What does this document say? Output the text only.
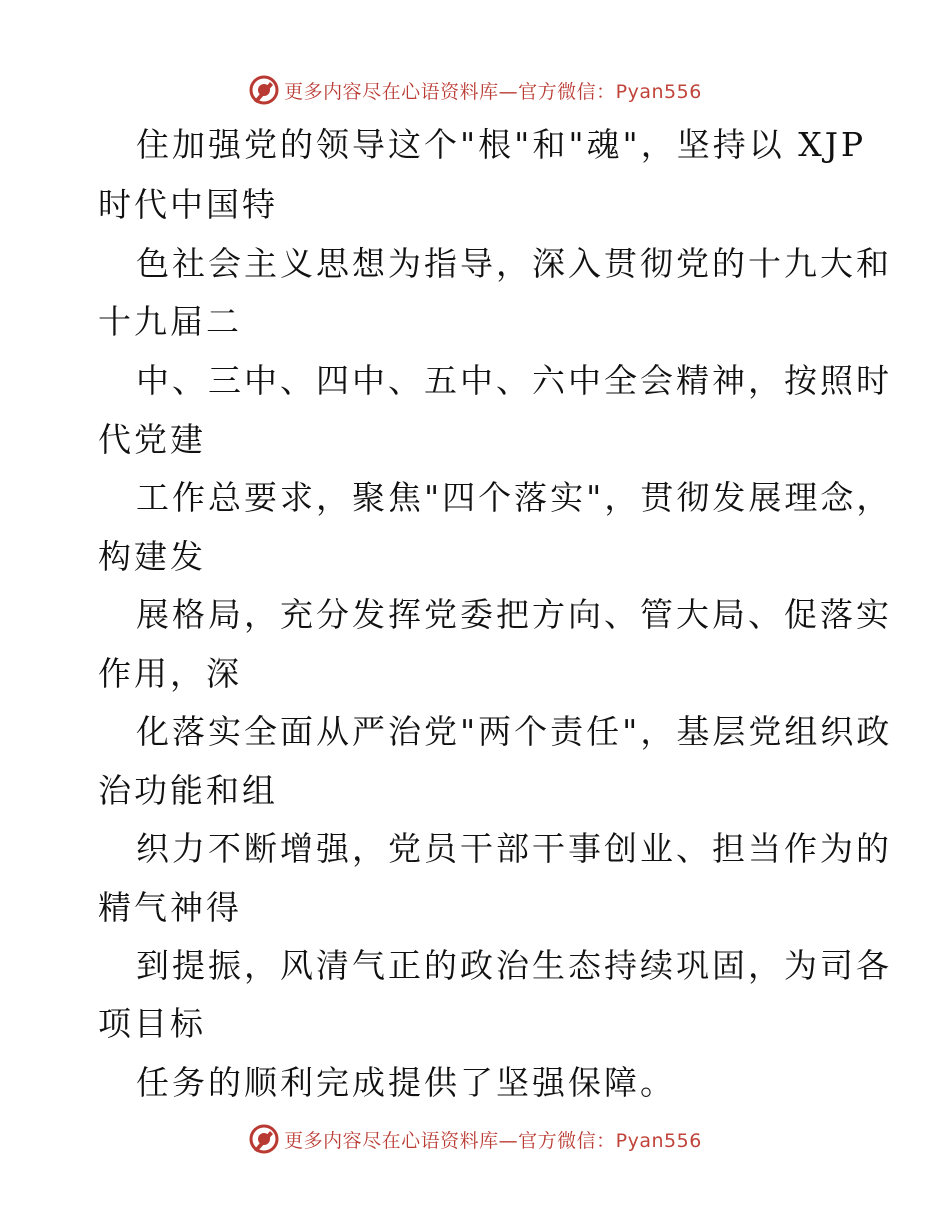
更多内容尽在心语资料库—官方微信：Pyan556
住加强党的领导这个"根"和"魂"，坚持以 XJP
时代中国特
色社会主义思想为指导，深入贯彻党的十九大和
十九届二
中、三中、四中、五中、六中全会精神，按照时
代党建
工作总要求，聚焦"四个落实"，贯彻发展理念，
构建发
展格局，充分发挥党委把方向、管大局、促落实
作用，深
化落实全面从严治党"两个责任"，基层党组织政
治功能和组
织力不断增强，党员干部干事创业、担当作为的
精气神得
到提振，风清气正的政治生态持续巩固，为司各
项目标
任务的顺利完成提供了坚强保障。
更多内容尽在心语资料库—官方微信：Pyan556
